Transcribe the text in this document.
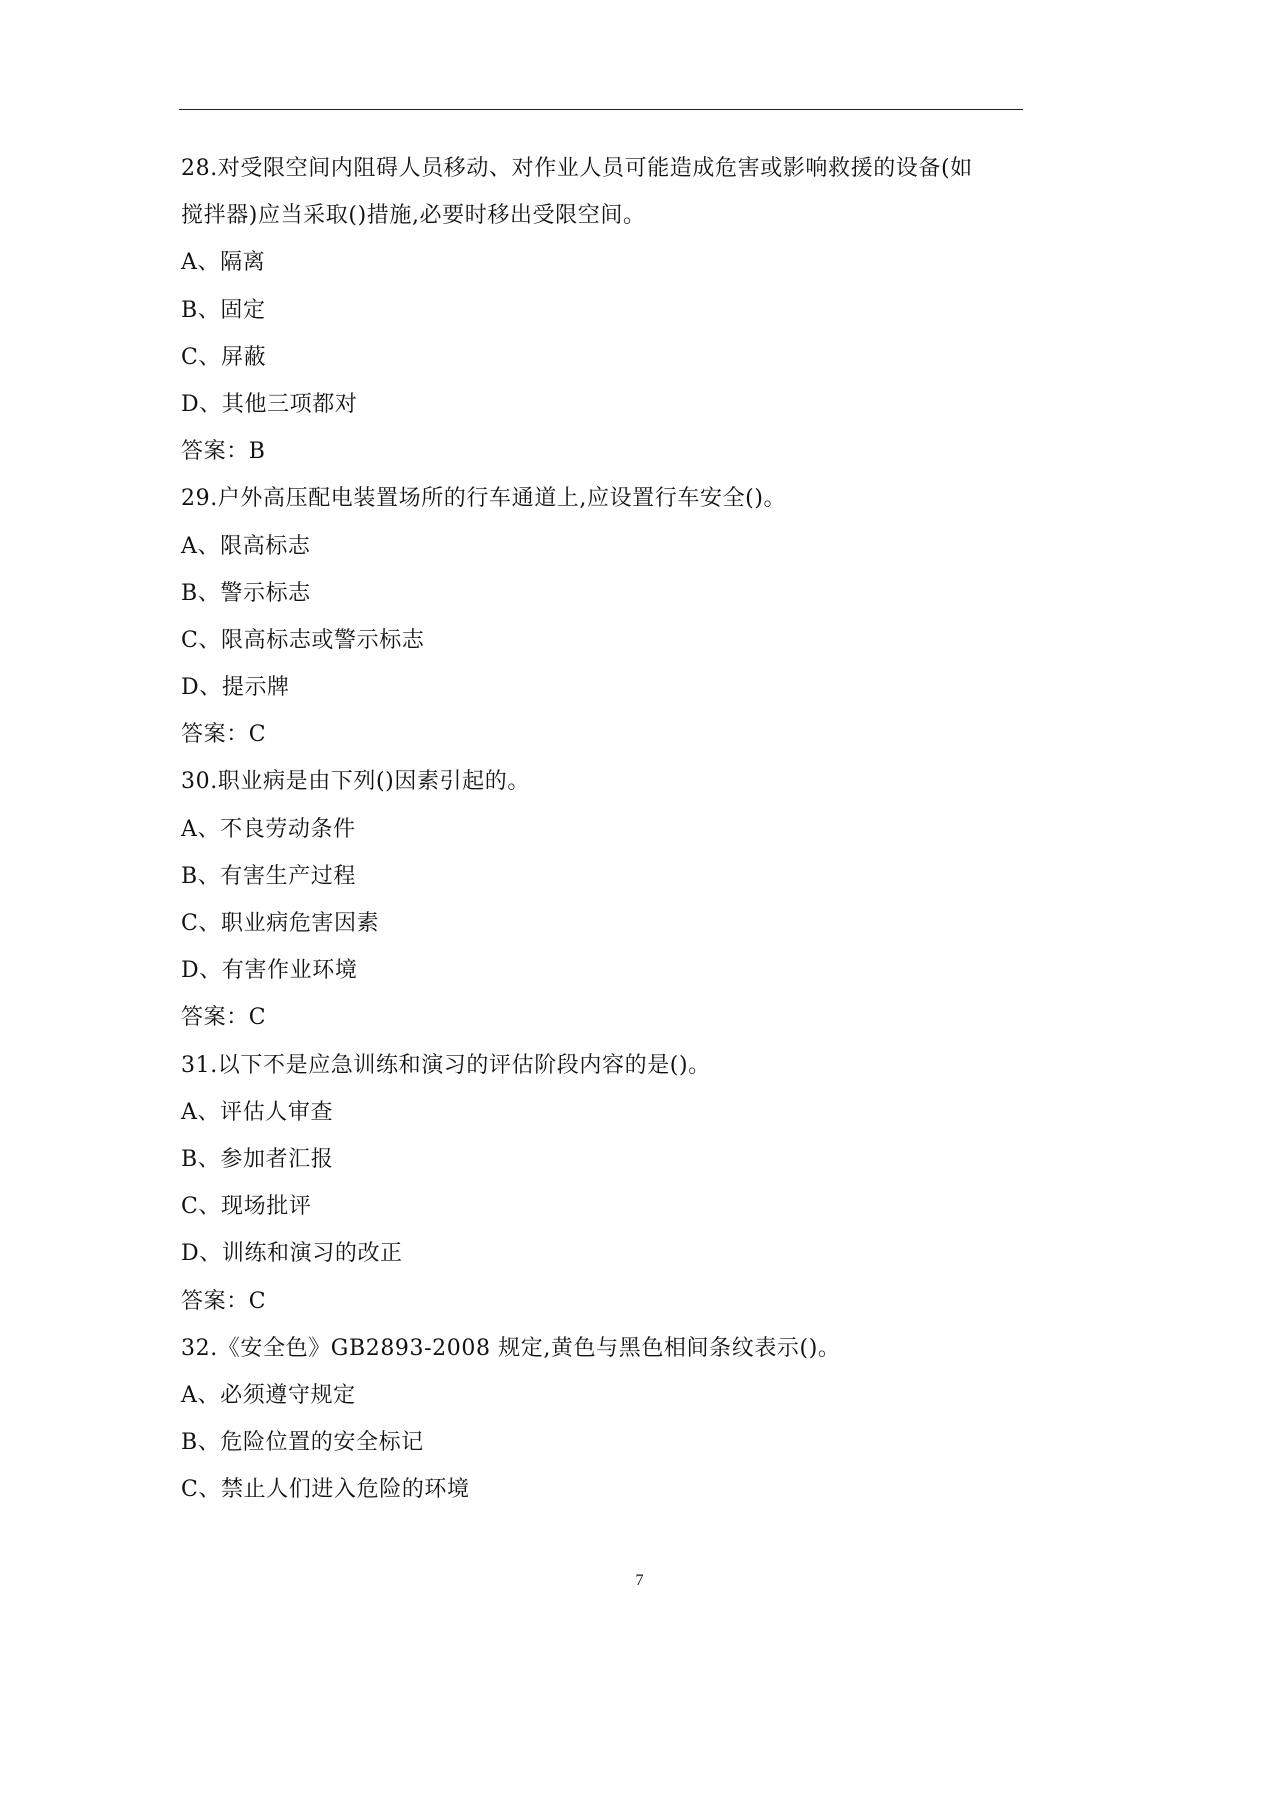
28.对受限空间内阻碍人员移动、对作业人员可能造成危害或影响救援的设备(如
搅拌器)应当采取()措施,必要时移出受限空间。
A、隔离
B、固定
C、屏蔽
D、其他三项都对
答案：B
29.户外高压配电装置场所的行车通道上,应设置行车安全()。
A、限高标志
B、警示标志
C、限高标志或警示标志
D、提示牌
答案：C
30.职业病是由下列()因素引起的。
A、不良劳动条件
B、有害生产过程
C、职业病危害因素
D、有害作业环境
答案：C
31.以下不是应急训练和演习的评估阶段内容的是()。
A、评估人审查
B、参加者汇报
C、现场批评
D、训练和演习的改正
答案：C
32.《安全色》GB2893-2008 规定,黄色与黑色相间条纹表示()。
A、必须遵守规定
B、危险位置的安全标记
C、禁止人们进入危险的环境
7
